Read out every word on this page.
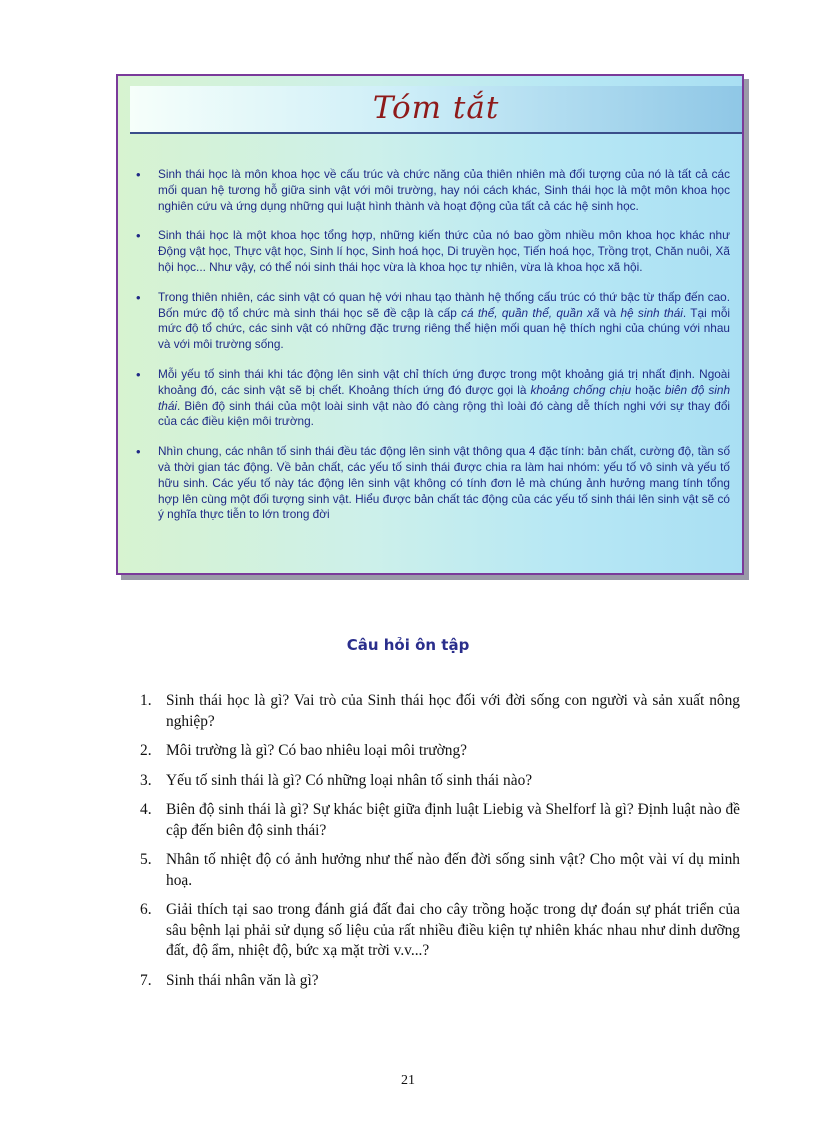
Tóm tắt
• Sinh thái học là môn khoa học về cấu trúc và chức năng của thiên nhiên mà đối tượng của nó là tất cả các mối quan hệ tương hỗ giữa sinh vật với môi trường, hay nói cách khác, Sinh thái học là một môn khoa học nghiên cứu và ứng dụng những qui luật hình thành và hoạt động của tất cả các hệ sinh học.
• Sinh thái học là một khoa học tổng hợp, những kiến thức của nó bao gồm nhiều môn khoa học khác như Động vật học, Thực vật học, Sinh lí học, Sinh hoá học, Di truyền học, Tiến hoá học, Trồng trọt, Chăn nuôi, Xã hội học... Như vậy, có thể nói sinh thái học vừa là khoa học tự nhiên, vừa là khoa học xã hội.
• Trong thiên nhiên, các sinh vật có quan hệ với nhau tạo thành hệ thống cấu trúc có thứ bậc từ thấp đến cao. Bốn mức độ tổ chức mà sinh thái học sẽ đề cập là cấp cá thể, quần thể, quần xã và hệ sinh thái. Tại mỗi mức độ tổ chức, các sinh vật có những đặc trưng riêng thể hiện mối quan hệ thích nghi của chúng với nhau và với môi trường sống.
• Mỗi yếu tố sinh thái khi tác động lên sinh vật chỉ thích ứng được trong một khoảng giá trị nhất định. Ngoài khoảng đó, các sinh vật sẽ bị chết. Khoảng thích ứng đó được gọi là khoảng chống chịu hoặc biên độ sinh thái. Biên độ sinh thái của một loài sinh vật nào đó càng rộng thì loài đó càng dễ thích nghi với sự thay đổi của các điều kiện môi trường.
• Nhìn chung, các nhân tố sinh thái đều tác động lên sinh vật thông qua 4 đặc tính: bản chất, cường độ, tần số và thời gian tác động. Về bản chất, các yếu tố sinh thái được chia ra làm hai nhóm: yếu tố vô sinh và yếu tố hữu sinh. Các yếu tố này tác động lên sinh vật không có tính đơn lẻ mà chúng ảnh hưởng mang tính tổng hợp lên cùng một đối tượng sinh vật. Hiểu được bản chất tác động của các yếu tố sinh thái lên sinh vật sẽ có ý nghĩa thực tiễn to lớn trong đời
Câu hỏi ôn tập
1. Sinh thái học là gì? Vai trò của Sinh thái học đối với đời sống con người và sản xuất nông nghiệp?
2. Môi trường là gì? Có bao nhiêu loại môi trường?
3. Yếu tố sinh thái là gì? Có những loại nhân tố sinh thái nào?
4. Biên độ sinh thái là gì? Sự khác biệt giữa định luật Liebig và Shelforf là gì? Định luật nào đề cập đến biên độ sinh thái?
5. Nhân tố nhiệt độ có ảnh hưởng như thế nào đến đời sống sinh vật? Cho một vài ví dụ minh hoạ.
6. Giải thích tại sao trong đánh giá đất đai cho cây trồng hoặc trong dự đoán sự phát triển của sâu bệnh lại phải sử dụng số liệu của rất nhiều điều kiện tự nhiên khác nhau như dinh dưỡng đất, độ ẩm, nhiệt độ, bức xạ mặt trời v.v...?
7. Sinh thái nhân văn là gì?
21
